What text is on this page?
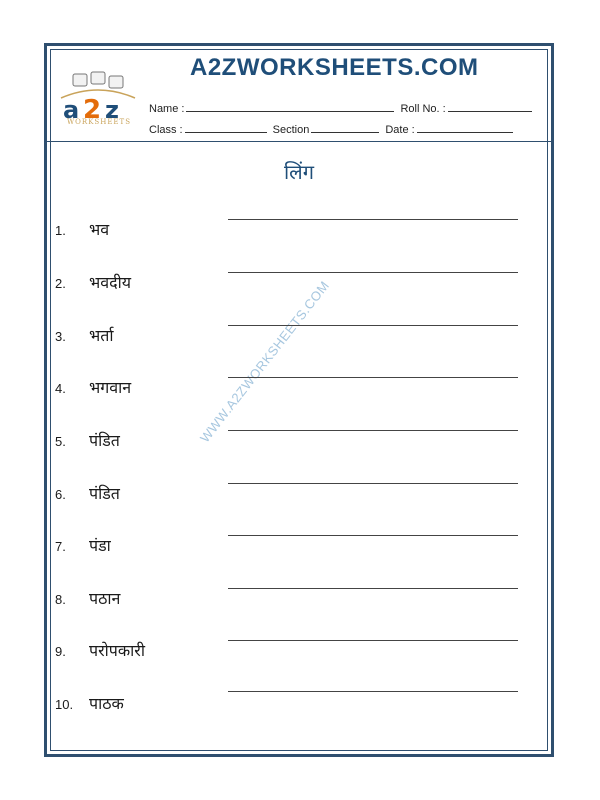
a 2 z
WORKSHEETS
A2ZWORKSHEETS.COM
Name :	Roll No. :
Class :	Section	Date :
लिंग
WWW.A2ZWORKSHEETS.COM
1. भव
2. भवदीय
3. भर्ता
4. भगवान
5. पंडित
6. पंडित
7. पंडा
8. पठान
9. परोपकारी
10. पाठक
